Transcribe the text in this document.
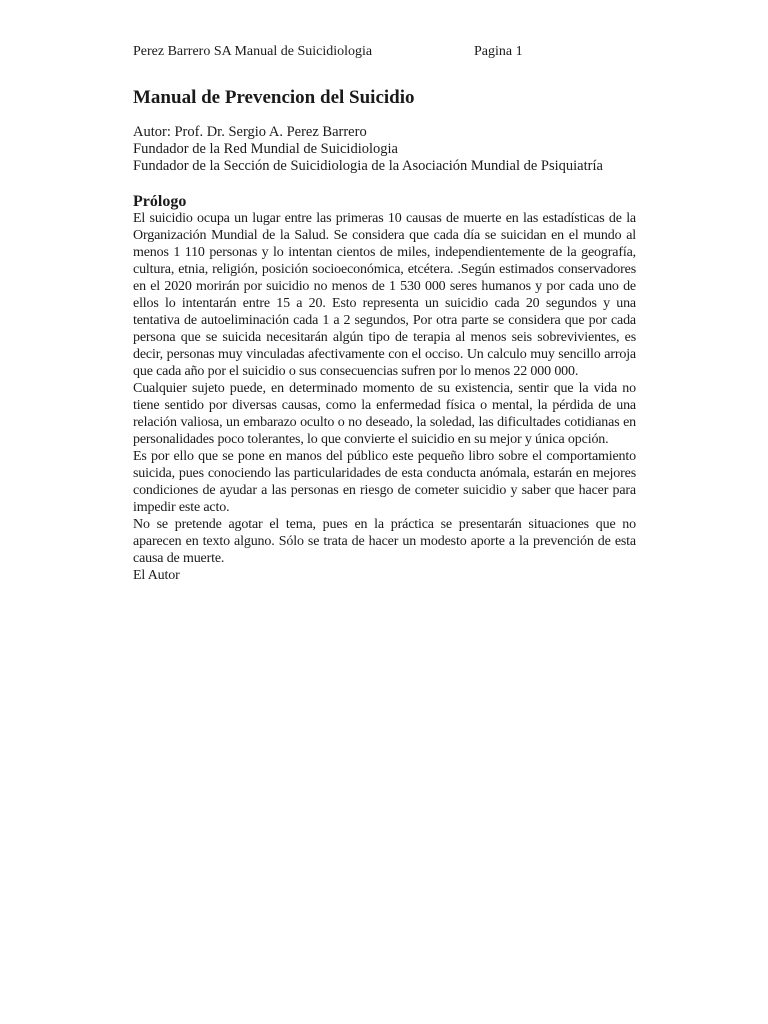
Perez Barrero SA Manual de Suicidiologia	Pagina 1
Manual de Prevencion del Suicidio
Autor: Prof. Dr. Sergio A. Perez Barrero
Fundador de la Red Mundial de Suicidiologia
Fundador de la Sección de Suicidiologia de la Asociación Mundial de Psiquiatría
Prólogo

El suicidio ocupa un lugar entre las primeras 10 causas de muerte en las estadísticas de la Organización Mundial de la Salud. Se considera que cada día se suicidan en el mundo al menos 1 110 personas y lo intentan cientos de miles, independientemente de la geografía, cultura, etnia, religión, posición socioeconómica, etcétera. .Según estimados conservadores en el 2020 morirán por suicidio no menos de 1 530 000 seres humanos y por cada uno de ellos lo intentarán entre 15 a 20. Esto representa un suicidio cada 20 segundos y una tentativa de autoeliminación cada 1 a 2 segundos, Por otra parte se considera que por cada persona que se suicida necesitarán algún tipo de terapia al menos seis sobrevivientes, es decir, personas muy vinculadas afectivamente con el occiso. Un calculo muy sencillo arroja que cada año por el suicidio o sus consecuencias sufren por lo menos 22 000 000.

Cualquier sujeto puede, en determinado momento de su existencia, sentir que la vida no tiene sentido por diversas causas, como la enfermedad física o mental, la pérdida de una relación valiosa, un embarazo oculto o no deseado, la soledad, las dificultades cotidianas en personalidades poco tolerantes, lo que convierte el suicidio en su mejor y única opción.

Es por ello que se pone en manos del público este pequeño libro sobre el comportamiento suicida, pues conociendo las particularidades de esta conducta anómala, estarán en mejores condiciones de ayudar a las personas en riesgo de cometer suicidio y saber que hacer para impedir este acto.

No se pretende agotar el tema, pues en la práctica se presentarán situaciones que no aparecen en texto alguno. Sólo se trata de hacer un modesto aporte a la prevención de esta causa de muerte.

El Autor
